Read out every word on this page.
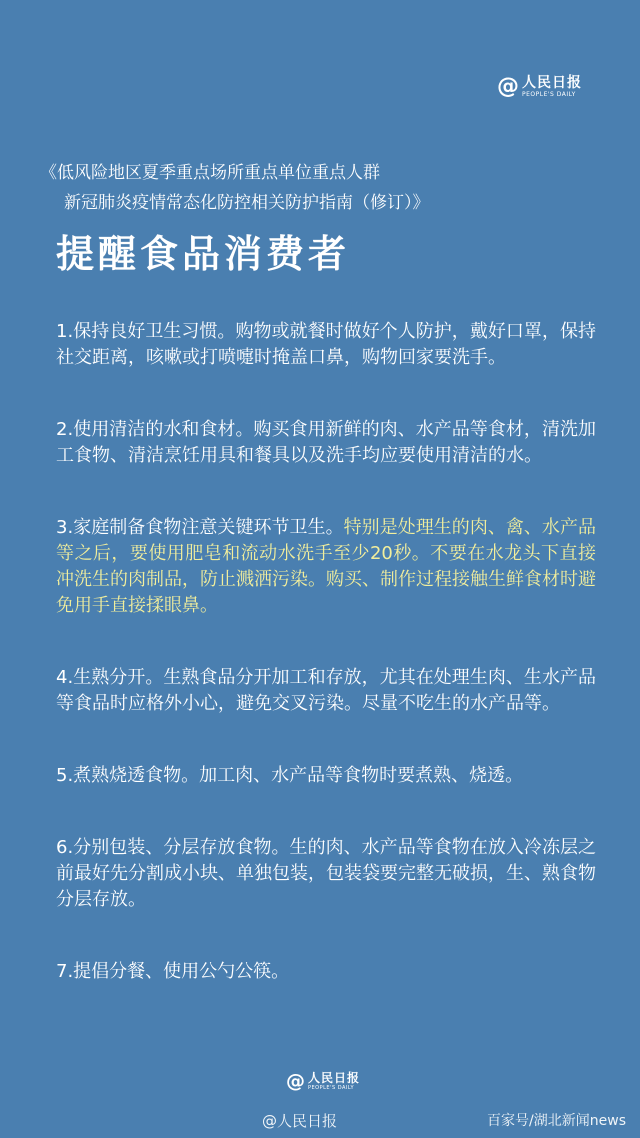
@ 人民日报
PEOPLE'S DAILY
《低风险地区夏季重点场所重点单位重点人群
新冠肺炎疫情常态化防控相关防护指南（修订）》
提醒食品消费者

1.保持良好卫生习惯。购物或就餐时做好个人防护，戴好口罩，保持社交距离，咳嗽或打喷嚏时掩盖口鼻，购物回家要洗手。

2.使用清洁的水和食材。购买食用新鲜的肉、水产品等食材，清洗加工食物、清洁烹饪用具和餐具以及洗手均应要使用清洁的水。

3.家庭制备食物注意关键环节卫生。特别是处理生的肉、禽、水产品等之后，要使用肥皂和流动水洗手至少20秒。不要在水龙头下直接冲洗生的肉制品，防止溅洒污染。购买、制作过程接触生鲜食材时避免用手直接揉眼鼻。

4.生熟分开。生熟食品分开加工和存放，尤其在处理生肉、生水产品等食品时应格外小心，避免交叉污染。尽量不吃生的水产品等。

5.煮熟烧透食物。加工肉、水产品等食物时要煮熟、烧透。

6.分别包装、分层存放食物。生的肉、水产品等食物在放入冷冻层之前最好先分割成小块、单独包装，包装袋要完整无破损，生、熟食物分层存放。

7.提倡分餐、使用公勺公筷。

@ 人民日报
PEOPLE'S DAILY
@人民日报	百家号/湖北新闻news
